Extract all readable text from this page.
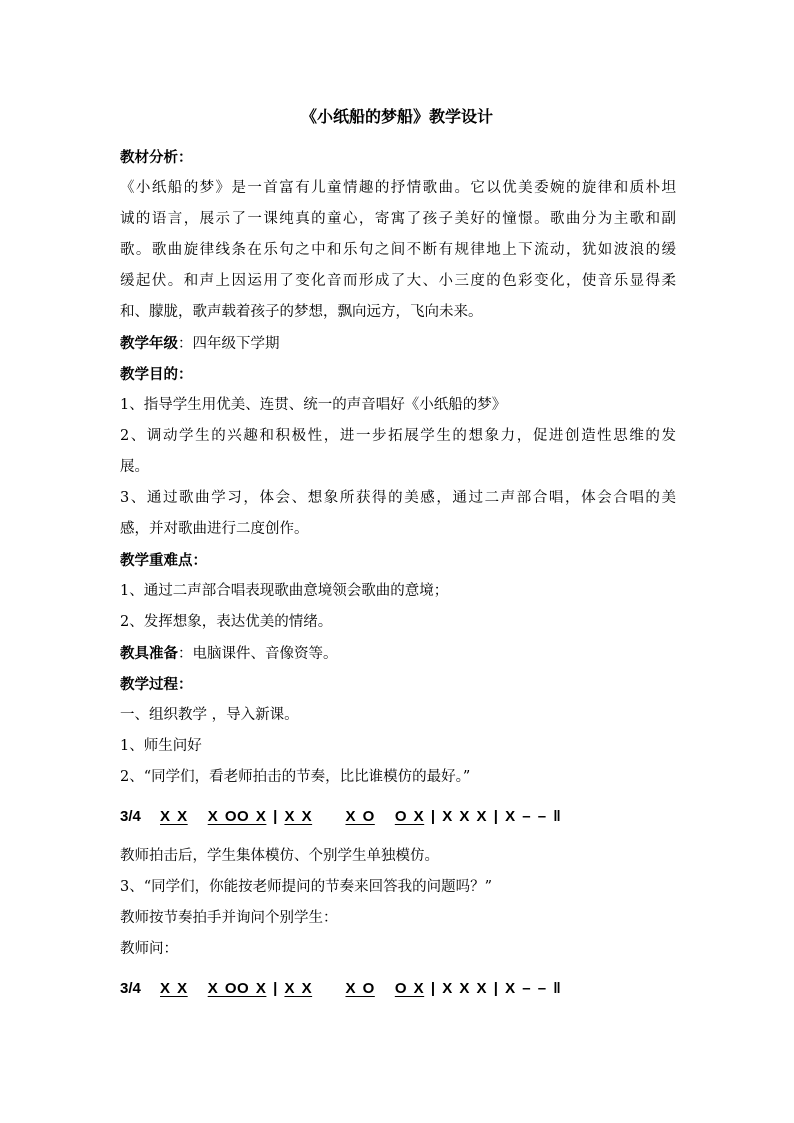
《小纸船的梦船》教学设计
教材分析：
《小纸船的梦》是一首富有儿童情趣的抒情歌曲。它以优美委婉的旋律和质朴坦
诚的语言，展示了一课纯真的童心，寄寓了孩子美好的憧憬。歌曲分为主歌和副
歌。歌曲旋律线条在乐句之中和乐句之间不断有规律地上下流动，犹如波浪的缓
缓起伏。和声上因运用了变化音而形成了大、小三度的色彩变化，使音乐显得柔
和、朦胧，歌声载着孩子的梦想，飘向远方，飞向未来。
教学年级：四年级下学期
教学目的：
1、指导学生用优美、连贯、统一的声音唱好《小纸船的梦》
2、调动学生的兴趣和积极性，进一步拓展学生的想象力，促进创造性思维的发
展。
3、通过歌曲学习，体会、想象所获得的美感，通过二声部合唱，体会合唱的美
感，并对歌曲进行二度创作。
教学重难点：
1、通过二声部合唱表现歌曲意境领会歌曲的意境；
2、发挥想象，表达优美的情绪。
教具准备：电脑课件、音像资等。
教学过程：
一、组织教学 ，导入新课。
1、师生问好
2、“同学们，看老师拍击的节奏，比比谁模仿的最好。”
3/4 X X X OO X | X X X O O X | X X X | X – – ‖
教师拍击后，学生集体模仿、个别学生单独模仿。
3、“同学们，你能按老师提问的节奏来回答我的问题吗？”
教师按节奏拍手并询问个别学生：
教师问：
3/4 X X X OO X | X X X O O X | X X X | X – – ‖
